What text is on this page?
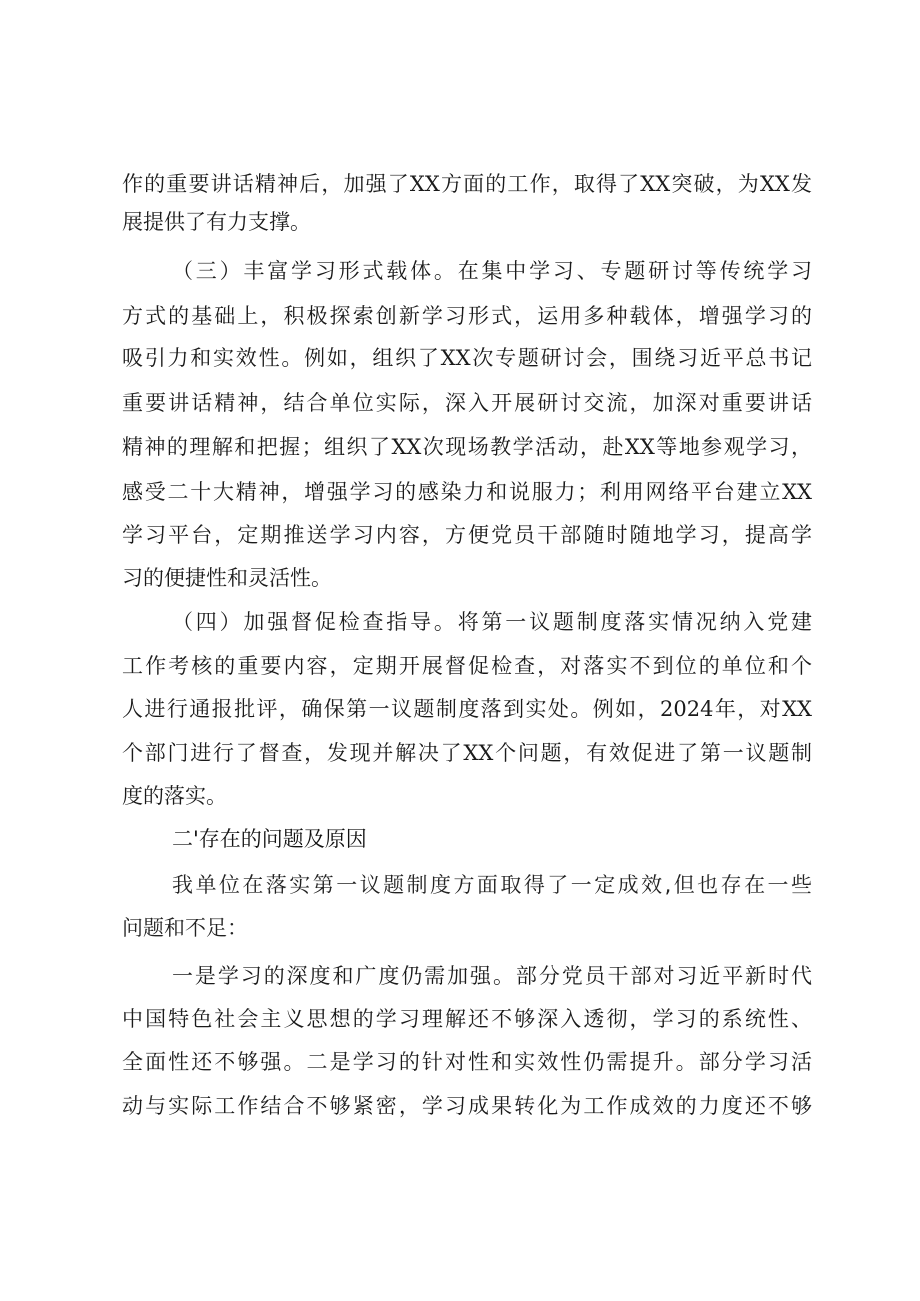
作的重要讲话精神后，加强了XX方面的工作，取得了XX突破，为XX发
展提供了有力支撑。
（三）丰富学习形式载体。在集中学习、专题研讨等传统学习
方式的基础上，积极探索创新学习形式，运用多种载体，增强学习的
吸引力和实效性。例如，组织了XX次专题研讨会，围绕习近平总书记
重要讲话精神，结合单位实际，深入开展研讨交流，加深对重要讲话
精神的理解和把握；组织了XX次现场教学活动，赴XX等地参观学习，
感受二十大精神，增强学习的感染力和说服力；利用网络平台建立XX
学习平台，定期推送学习内容，方便党员干部随时随地学习，提高学
习的便捷性和灵活性。
（四）加强督促检查指导。将第一议题制度落实情况纳入党建
工作考核的重要内容，定期开展督促检查，对落实不到位的单位和个
人进行通报批评，确保第一议题制度落到实处。例如，2024年，对XX
个部门进行了督查，发现并解决了XX个问题，有效促进了第一议题制
度的落实。
二'存在的问题及原因
我单位在落实第一议题制度方面取得了一定成效,但也存在一些
问题和不足：
一是学习的深度和广度仍需加强。部分党员干部对习近平新时代
中国特色社会主义思想的学习理解还不够深入透彻，学习的系统性、
全面性还不够强。二是学习的针对性和实效性仍需提升。部分学习活
动与实际工作结合不够紧密，学习成果转化为工作成效的力度还不够
